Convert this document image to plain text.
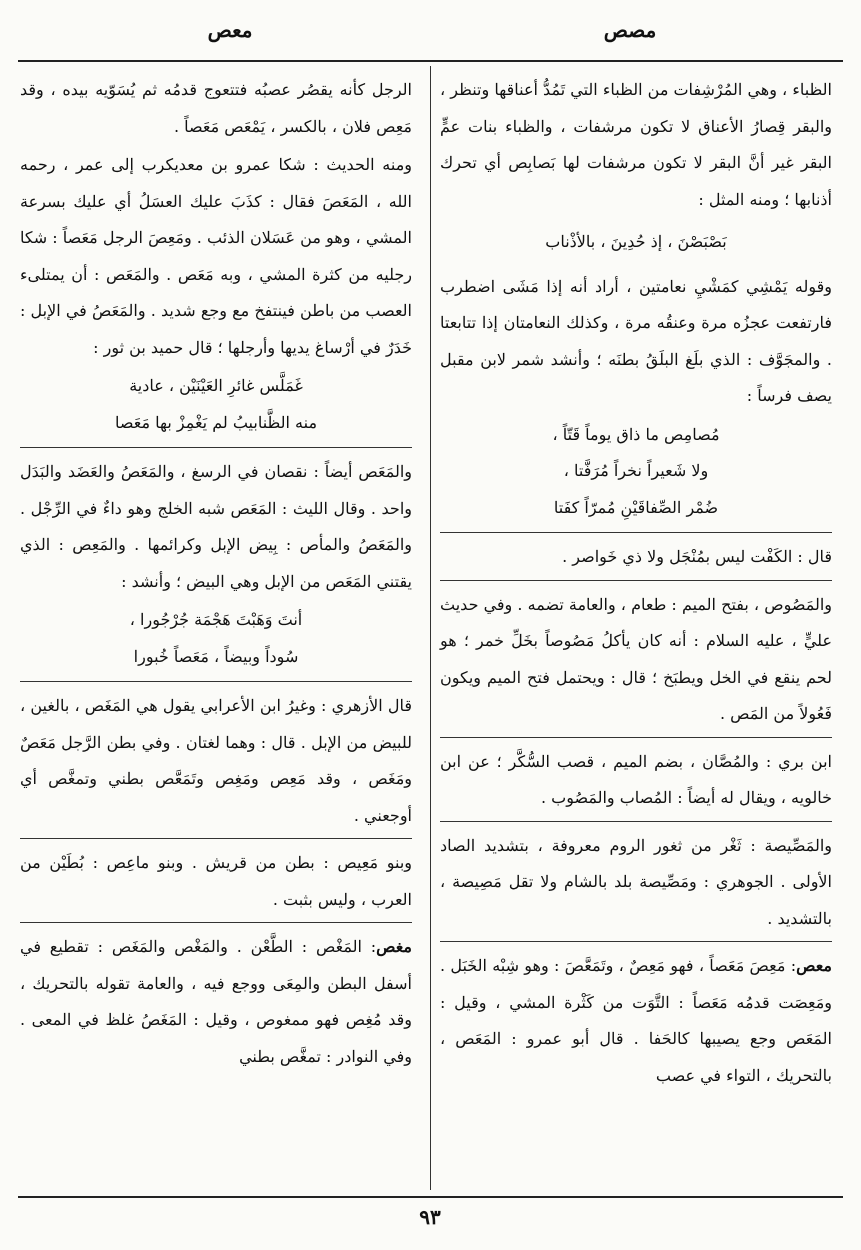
مصص
معص

الظباء ، وهي المُرْشِفات من الظباء التي تَمُدُّ أعناقها وتنظر ، والبقر قِصارُ الأعناق لا تكون مرشفات ، والظباء بنات عمٍّ البقر غير أنَّ البقر لا تكون مرشفات لها بَصابِص أي تحرك أذنابها ؛ ومنه المثل :

بَصْبَصْنَ ، إذ حُدِينَ ، بالأذْناب

وقوله يَمْشِي كمَشْيِ نعامتين ، أراد أنه إذا مَشَى اضطرب فارتفعت عجزُه مرة وعنقُه مرة ، وكذلك النعامتان إذا تتابعتا . والمجَوَّف : الذي بلَغ البلَقُ بطنَه ؛ وأنشد شمر لابن مقبل يصف فرساً :

مُصامِص ما ذاق يوماً قَتّاً ،

ولا شَعيراً نخراً مُرَفَّتا ،

ضُمْر الصِّفاقَيْنِ مُمرّاً كفَتا

قال : الكَفْت ليس بمُنْجَل ولا ذي خَواصر .

والمَصُوص ، بفتح الميم : طعام ، والعامة تضمه . وفي حديث عليٍّ ، عليه السلام : أنه كان يأكلُ مَصُوصاً بخَلِّ خمر ؛ هو لحم ينقع في الخل ويطبَخ ؛ قال : ويحتمل فتح الميم ويكون فَعُولاً من المَص .

ابن بري : والمُصَّان ، بضم الميم ، قصب السُّكَّر ؛ عن ابن خالويه ، ويقال له أيضاً : المُصاب والمَصُوب .

والمَصِّيصة : ثَغْر من ثغور الروم معروفة ، بتشديد الصاد الأولى . الجوهري : ومَصِّيصة بلد بالشام ولا تقل مَصِيصة ، بالتشديد .

معص: مَعِصَ مَعَصاً ، فهو مَعِصٌ ، وتَمَعَّصَ : وهو شِبْه الخَبَل . ومَعِصَت قدمُه مَعَصاً : التَّوَت من كَثْرة المشي ، وقيل : المَعَص وجع يصيبها كالحَفا . قال أبو عمرو : المَعَص ، بالتحريك ، التواء في عصب

الرجل كأنه يقصُر عصبُه فتتعوج قدمُه ثم يُسَوّيه بيده ، وقد مَعِص فلان ، بالكسر ، يَمْعَص مَعَصاً .

ومنه الحديث : شكا عمرو بن معديكرب إلى عمر ، رحمه الله ، المَعَصَ فقال : كذَبَ عليك العسَلُ أي عليك بسرعة المشي ، وهو من عَسَلان الذئب . ومَعِصَ الرجل مَعَصاً : شكا رجليه من كثرة المشي ، وبه مَعَص . والمَعَص : أن يمتلىء العصب من باطن فينتفخ مع وجع شديد . والمَعَصُ في الإبل : خَدَرٌ في أرْساغ يديها وأرجلها ؛ قال حميد بن ثور :

غَمَلَّس غائرِ العَيْنَيْن ، عادية

منه الظَّنابيبُ لم يَغْمِزْ بها مَعَصا

والمَعَص أيضاً : نقصان في الرسغ ، والمَعَصُ والعَضَد والبَدَل واحد . وقال الليث : المَعَص شبه الخلج وهو داءٌ في الرِّجْل . والمَعَصُ والمأص : بِيض الإبل وكرائمها . والمَعِص : الذي يقتني المَعَص من الإبل وهي البيض ؛ وأنشد :

أنتَ وَهَبْتَ هَجْمَة جُرْجُورا ،

سُوداً وبيضاً ، مَعَصاً خُبورا

قال الأزهري : وغيرُ ابن الأعرابي يقول هي المَغَص ، بالغين ، للبيض من الإبل . قال : وهما لغتان . وفي بطن الرَّجل مَعَصٌ ومَغَص ، وقد مَعِص ومَغِص وتَمَعَّص بطني وتمغَّص أي أوجعني .

وبنو مَعِيص : بطن من قريش . وبنو ماعِص : بُطَيْن من العرب ، وليس بثبت .

مغص: المَغْص : الطَّعْن . والمَغْص والمَغَص : تقطيع في أسفل البطن والمِعَى ووجع فيه ، والعامة تقوله بالتحريك ، وقد مُغِص فهو ممغوص ، وقيل : المَغَصُ غلظ في المعى . وفي النوادر : تمغَّص بطني

٩٣
